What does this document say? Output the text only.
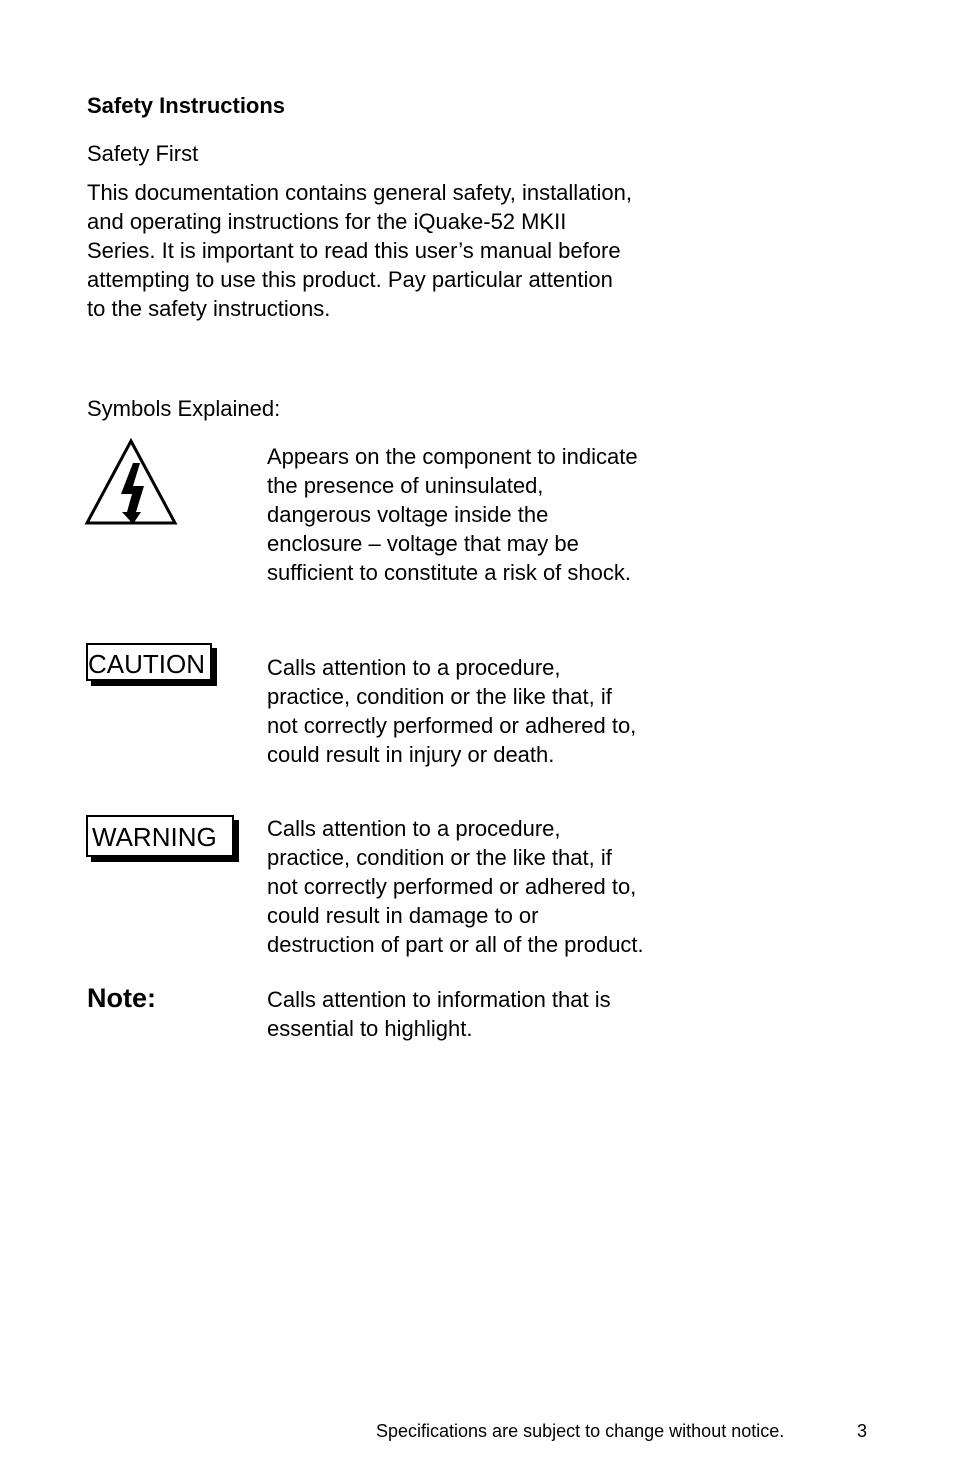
Safety Instructions
Safety First
This documentation contains general safety, installation,
and operating instructions for the iQuake-52 MKII
Series. It is important to read this user’s manual before
attempting to use this product. Pay particular attention
to the safety instructions.
Symbols Explained:
Appears on the component to indicate
the presence of uninsulated,
dangerous voltage inside the
enclosure – voltage that may be
sufficient to constitute a risk of shock.
CAUTION	Calls attention to a procedure,
practice, condition or the like that, if
not correctly performed or adhered to,
could result in injury or death.
WARNING	Calls attention to a procedure,
practice, condition or the like that, if
not correctly performed or adhered to,
could result in damage to or
destruction of part or all of the product.
Note:	Calls attention to information that is
essential to highlight.
Specifications are subject to change without notice.	3
